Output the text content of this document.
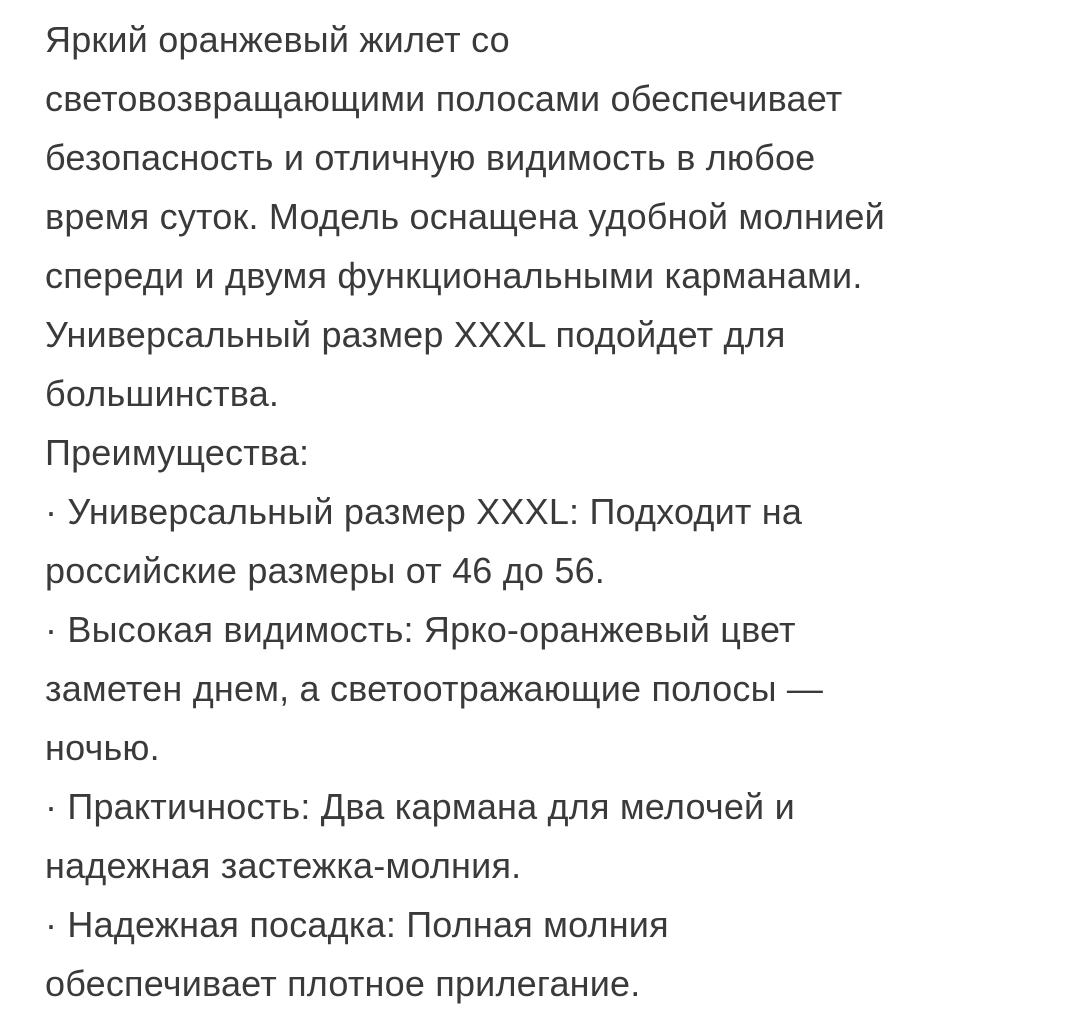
Яркий оранжевый жилет со
световозвращающими полосами обеспечивает
безопасность и отличную видимость в любое
время суток. Модель оснащена удобной молнией
спереди и двумя функциональными карманами.
Универсальный размер XXXL подойдет для
большинства.
Преимущества:
· Универсальный размер XXXL: Подходит на
российские размеры от 46 до 56.
· Высокая видимость: Ярко-оранжевый цвет
заметен днем, а светоотражающие полосы —
ночью.
· Практичность: Два кармана для мелочей и
надежная застежка-молния.
· Надежная посадка: Полная молния
обеспечивает плотное прилегание.
